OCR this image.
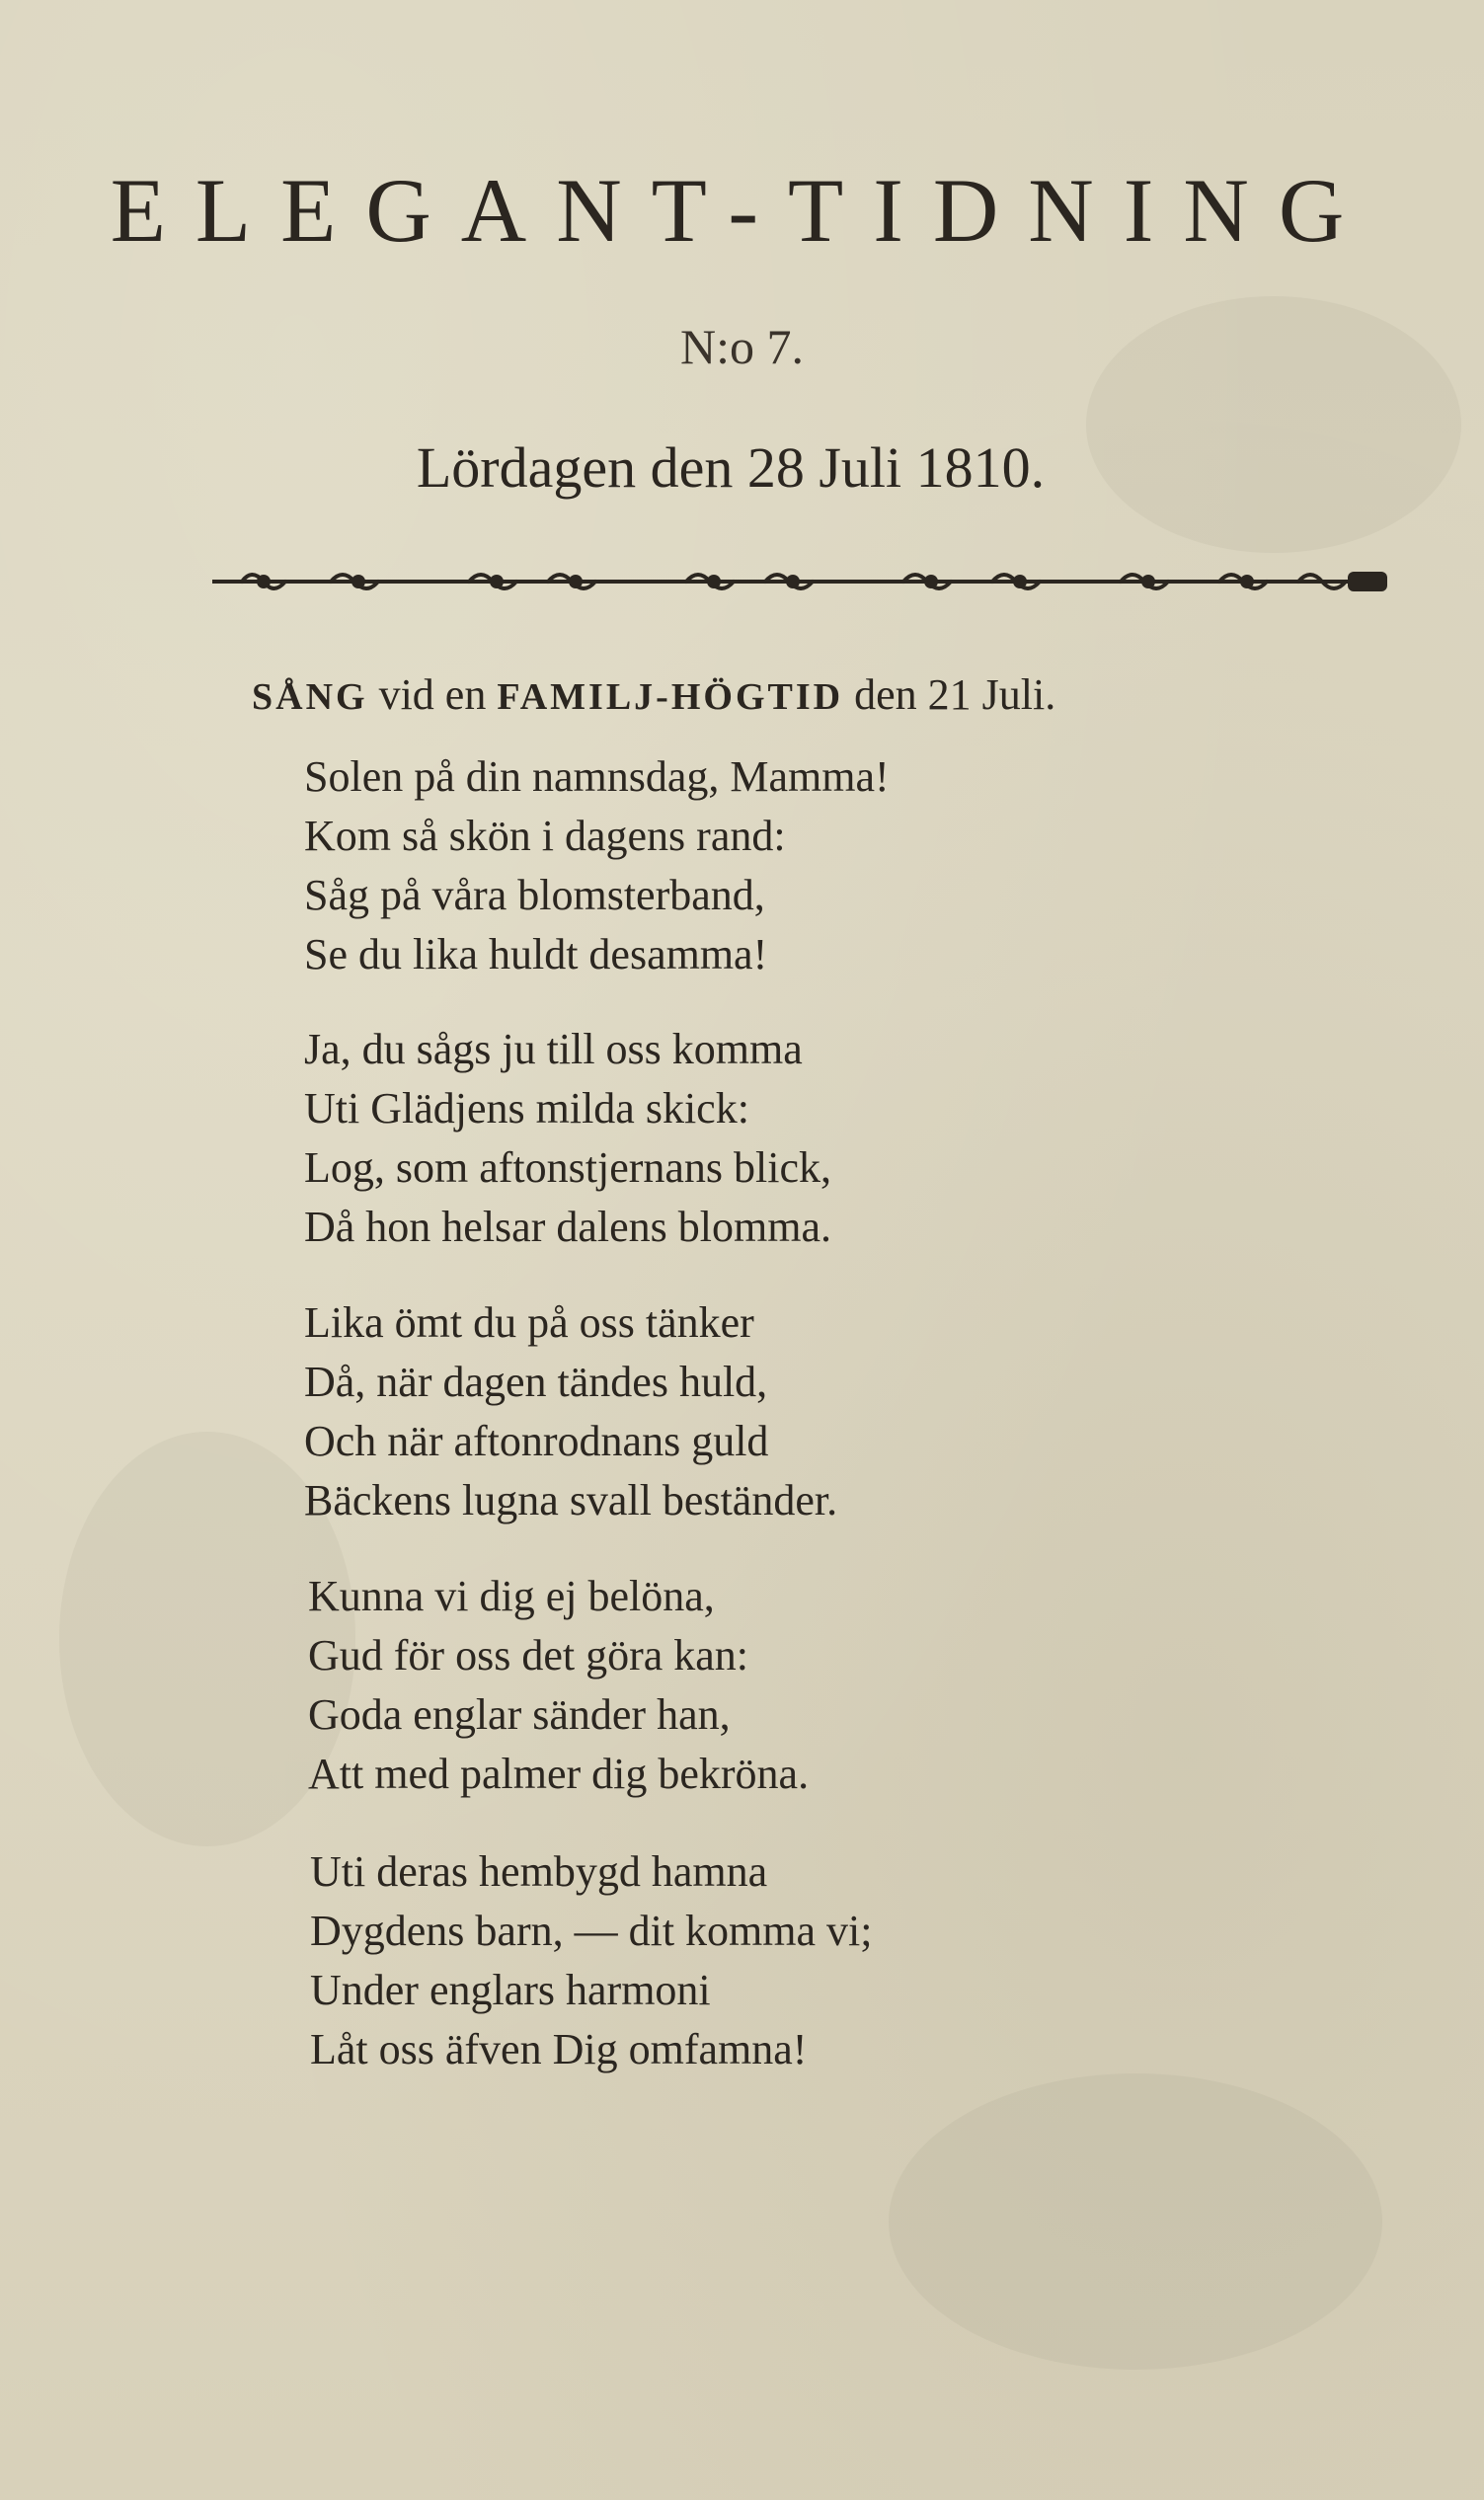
ELEGANT-TIDNING
N:o 7.
Lördagen den 28 Juli 1810.
SÅNG vid en FAMILJ-HÖGTID den 21 Juli.
Solen på din namnsdag, Mamma!
Kom så skön i dagens rand:
Såg på våra blomsterband,
Se du lika huldt desamma!
Ja, du sågs ju till oss komma
Uti Glädjens milda skick:
Log, som aftonstjernans blick,
Då hon helsar dalens blomma.
Lika ömt du på oss tänker
Då, när dagen tändes huld,
Och när aftonrodnans guld
Bäckens lugna svall beständer.
Kunna vi dig ej belöna,
Gud för oss det göra kan:
Goda englar sänder han,
Att med palmer dig bekröna.
Uti deras hembygd hamna
Dygdens barn, — dit komma vi;
Under englars harmoni
Låt oss äfven Dig omfamna!
